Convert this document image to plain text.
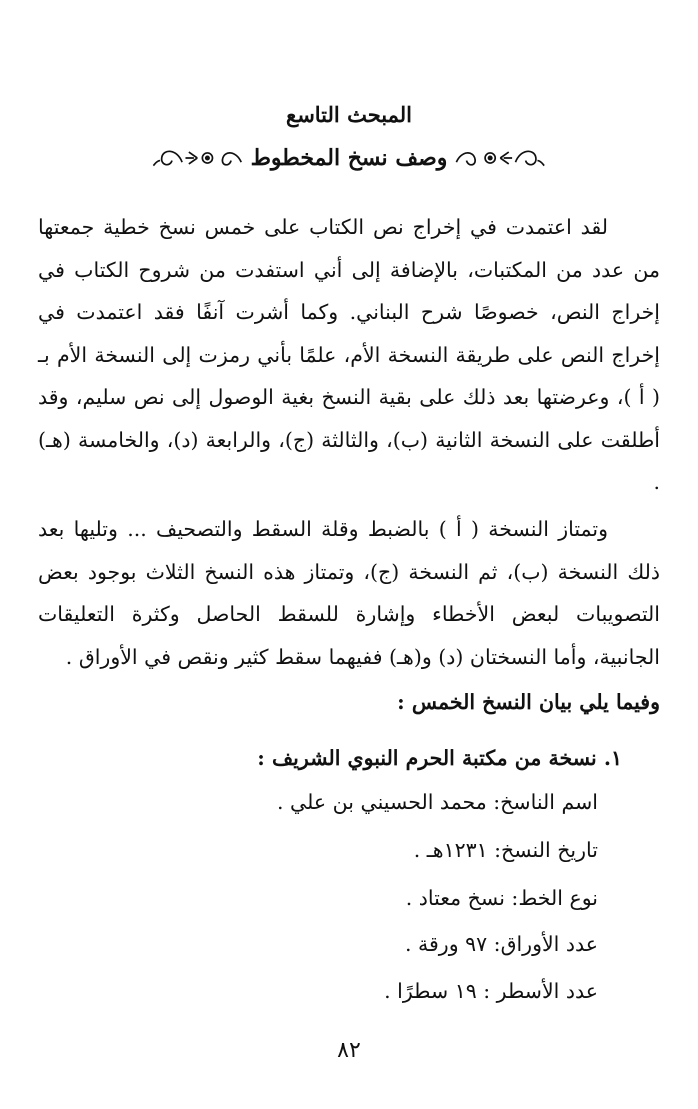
المبحث التاسع
وصف نسخ المخطوط

لقد اعتمدت في إخراج نص الكتاب على خمس نسخ خطية جمعتها من عدد من المكتبات، بالإضافة إلى أني استفدت من شروح الكتاب في إخراج النص، خصوصًا شرح البناني. وكما أشرت آنفًا فقد اعتمدت في إخراج النص على طريقة النسخة الأم، علمًا بأني رمزت إلى النسخة الأم بـ ( أ )، وعرضتها بعد ذلك على بقية النسخ بغية الوصول إلى نص سليم، وقد أطلقت على النسخة الثانية (ب)، والثالثة (ج)، والرابعة (د)، والخامسة (هـ) .

وتمتاز النسخة ( أ ) بالضبط وقلة السقط والتصحيف ... وتليها بعد ذلك النسخة (ب)، ثم النسخة (ج)، وتمتاز هذه النسخ الثلاث بوجود بعض التصويبات لبعض الأخطاء وإشارة للسقط الحاصل وكثرة التعليقات الجانبية، وأما النسختان (د) و(هـ) ففيهما سقط كثير ونقص في الأوراق .

وفيما يلي بيان النسخ الخمس :
١. نسخة من مكتبة الحرم النبوي الشريف :
اسم الناسخ: محمد الحسيني بن علي .
تاريخ النسخ: ١٢٣١هـ .
نوع الخط: نسخ معتاد .
عدد الأوراق: ٩٧ ورقة .
عدد الأسطر : ١٩ سطرًا .
٨٢
